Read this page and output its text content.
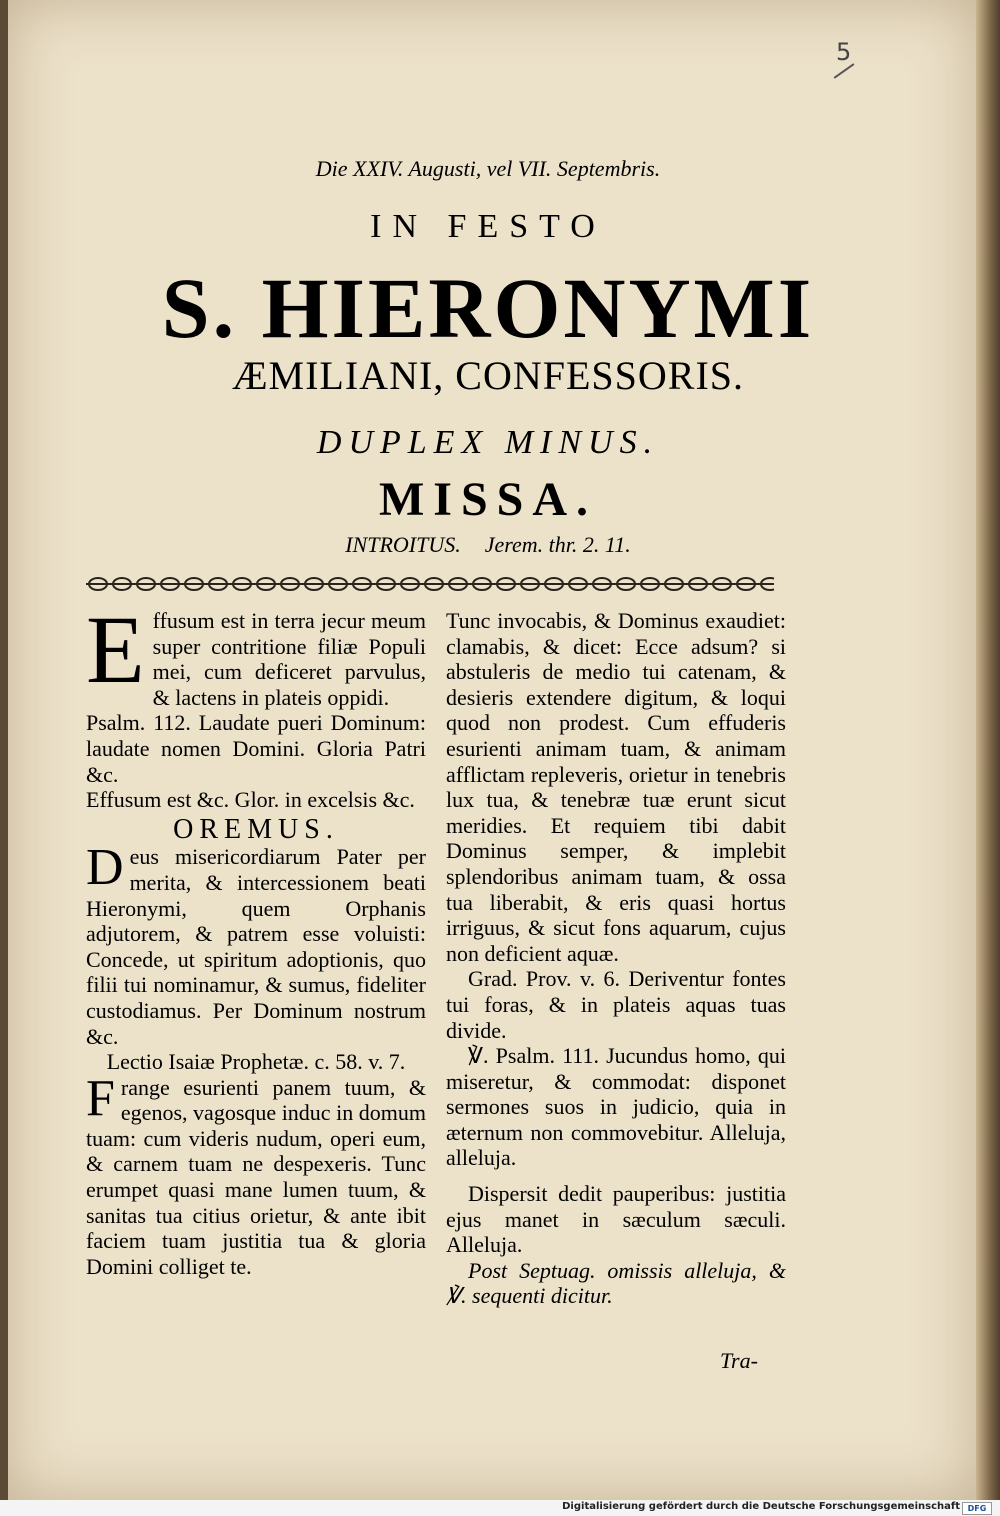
5
Die XXIV. Augusti, vel VII. Septembris.
IN FESTO
S. HIERONYMI
ÆMILIANI, CONFESSORIS.
DUPLEX MINUS.
MISSA.
INTROITUS. Jerem. thr. 2. 11.

Effusum est in terra jecur meum super contritione filiæ Populi mei, cum deficeret parvulus, & lactens in plateis oppidi.

Psalm. 112. Laudate pueri Dominum: laudate nomen Domini. Gloria Patri &c.

Effusum est &c. Glor. in excelsis &c.

OREMUS.

Deus misericordiarum Pater per merita, & intercessionem beati Hieronymi, quem Orphanis adjutorem, & patrem esse voluisti: Concede, ut spiritum adoptionis, quo filii tui nominamur, & sumus, fideliter custodiamus. Per Dominum nostrum &c.

Lectio Isaiæ Prophetæ. c. 58. v. 7.

Frange esurienti panem tuum, & egenos, vagosque induc in domum tuam: cum videris nudum, operi eum, & carnem tuam ne despexeris. Tunc erumpet quasi mane lumen tuum, & sanitas tua citius orietur, & ante ibit faciem tuam justitia tua & gloria Domini colliget te.

Tunc invocabis, & Dominus exaudiet: clamabis, & dicet: Ecce adsum? si abstuleris de medio tui catenam, & desieris extendere digitum, & loqui quod non prodest. Cum effuderis esurienti animam tuam, & animam afflictam repleveris, orietur in tenebris lux tua, & tenebræ tuæ erunt sicut meridies. Et requiem tibi dabit Dominus semper, & implebit splendoribus animam tuam, & ossa tua liberabit, & eris quasi hortus irriguus, & sicut fons aquarum, cujus non deficient aquæ.

Grad. Prov. v. 6. Deriventur fontes tui foras, & in plateis aquas tuas divide.

℣. Psalm. 111. Jucundus homo, qui miseretur, & commodat: disponet sermones suos in judicio, quia in æternum non commovebitur. Alleluja, alleluja.

Dispersit dedit pauperibus: justitia ejus manet in sæculum sæculi. Alleluja.

Post Septuag. omissis alleluja, & ℣. sequenti dicitur.

Tra-
Digitalisierung gefördert durch die Deutsche Forschungsgemeinschaft DFG
